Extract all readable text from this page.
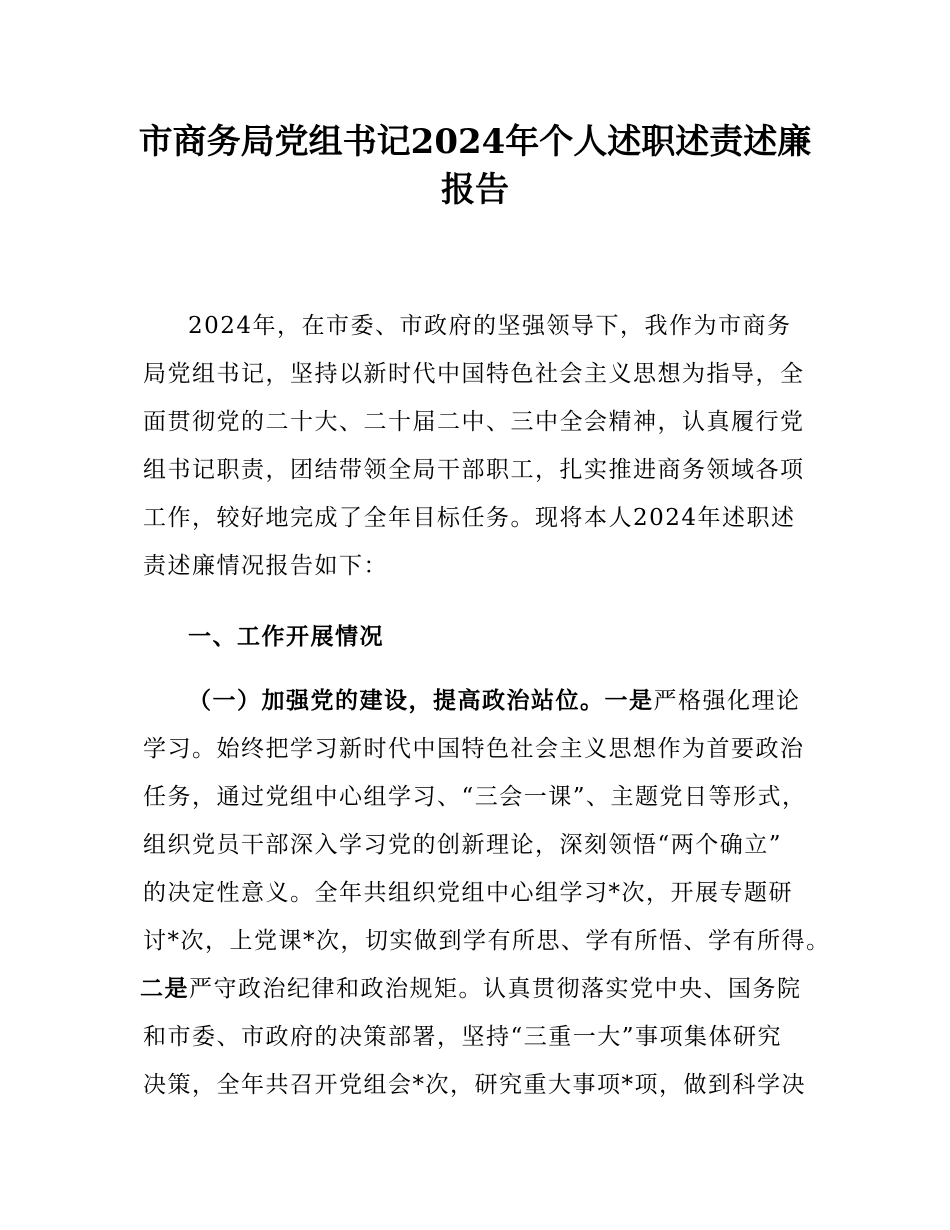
市商务局党组书记2024年个人述职述责述廉
报告
2024年，在市委、市政府的坚强领导下，我作为市商务
局党组书记，坚持以新时代中国特色社会主义思想为指导，全
面贯彻党的二十大、二十届二中、三中全会精神，认真履行党
组书记职责，团结带领全局干部职工，扎实推进商务领域各项
工作，较好地完成了全年目标任务。现将本人2024年述职述
责述廉情况报告如下：
一、工作开展情况
（一）加强党的建设，提高政治站位。一是严格强化理论
学习。始终把学习新时代中国特色社会主义思想作为首要政治
任务，通过党组中心组学习、“三会一课”、主题党日等形式，
组织党员干部深入学习党的创新理论，深刻领悟“两个确立”
的决定性意义。全年共组织党组中心组学习*次，开展专题研
讨*次，上党课*次，切实做到学有所思、学有所悟、学有所得。
二是严守政治纪律和政治规矩。认真贯彻落实党中央、国务院
和市委、市政府的决策部署，坚持“三重一大”事项集体研究
决策，全年共召开党组会*次，研究重大事项*项，做到科学决
